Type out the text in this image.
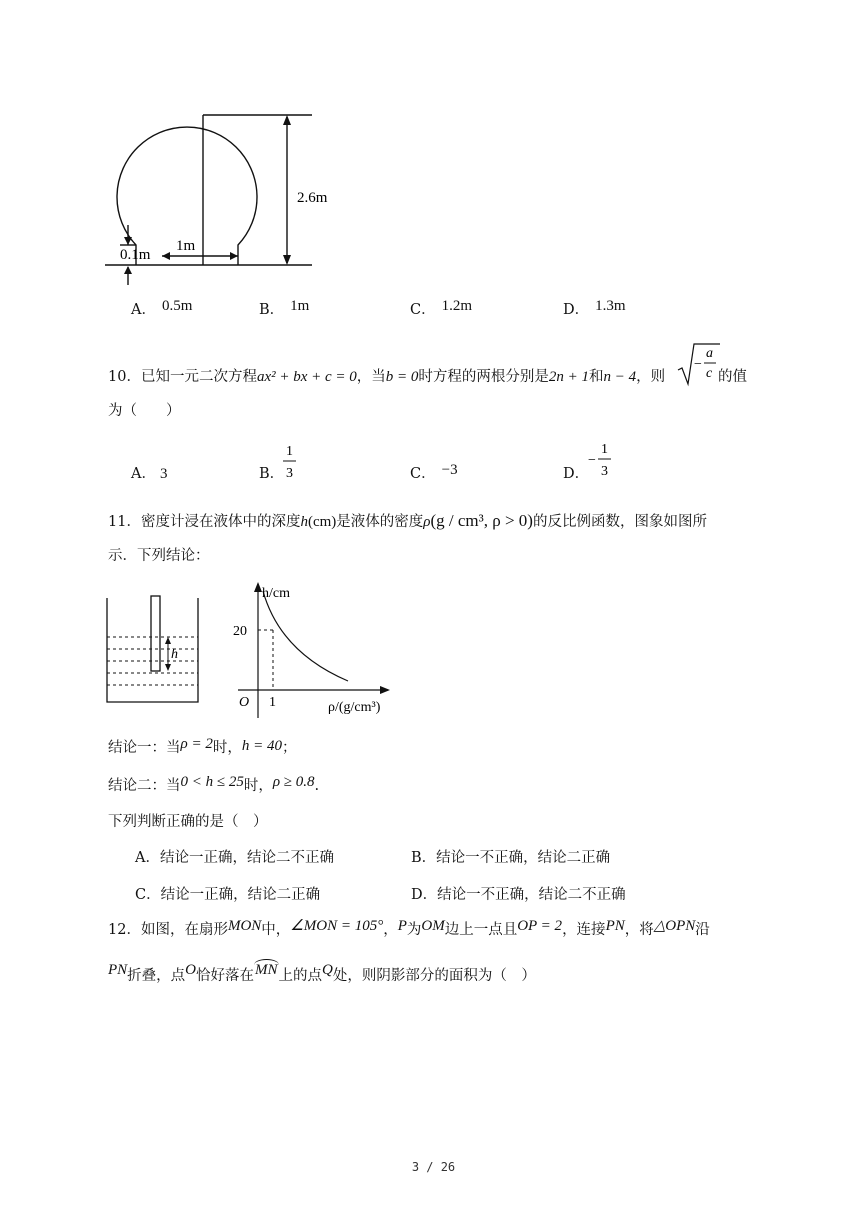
2.6m
1m
0.1m
A． 0.5m	B． 1m	C． 1.2m	D． 1.3m
10．已知一元二次方程ax² + bx + c = 0，当b = 0时方程的两根分别是2n + 1和n − 4，则
−
a
c 的值
为（　　）
A． 3	B．
1
3	C． −3	D．
−
1
3
11．密度计浸在液体中的深度h(cm)是液体的密度ρ(g / cm³, ρ > 0)的反比例函数，图象如图所
示．下列结论：
h
h/cm
20
O 1	ρ/(g/cm³)
结论一：当ρ = 2时，h = 40；
结论二：当0 < h ≤ 25时，ρ ≥ 0.8.
下列判断正确的是（　）
A．结论一正确，结论二不正确	B．结论一不正确，结论二正确
C．结论一正确，结论二正确	D．结论一不正确，结论二不正确
12．如图，在扇形MON中，∠MON = 105°，P为OM边上一点且OP = 2，连接PN，将△OPN沿
PN折叠，点O恰好落在MN上的点Q处，则阴影部分的面积为（　）
3 / 26
